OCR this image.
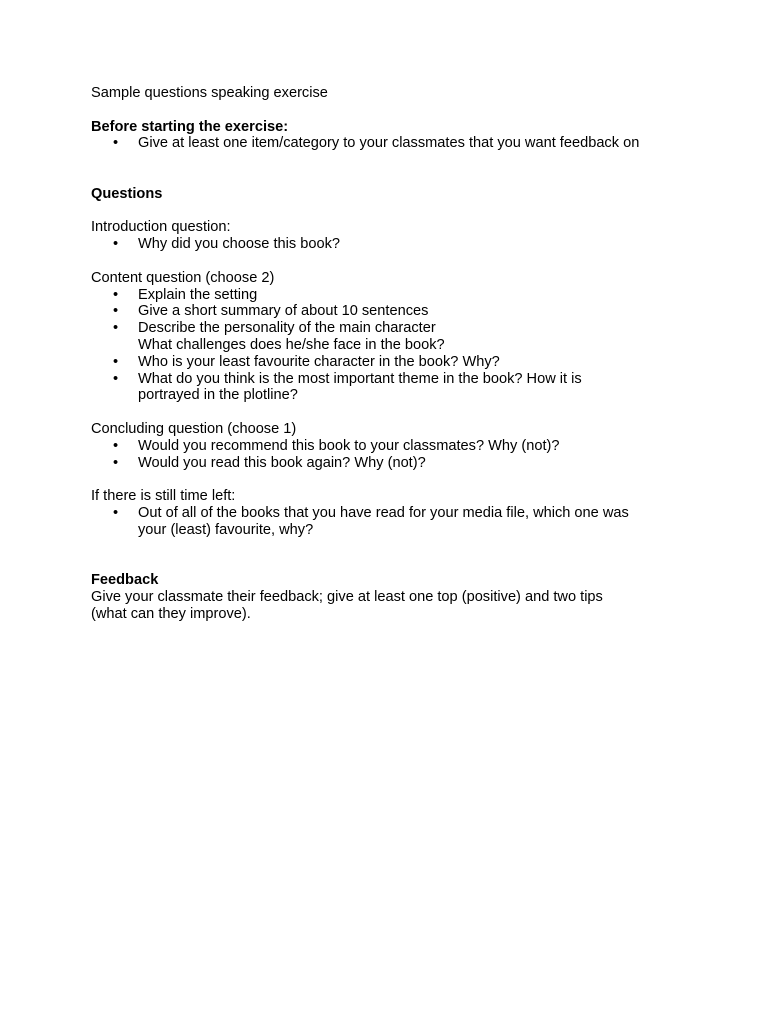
Sample questions speaking exercise

Before starting the exercise:

• Give at least one item/category to your classmates that you want feedback on

Questions

Introduction question:

• Why did you choose this book?

Content question (choose 2)

• Explain the setting
• Give a short summary of about 10 sentences
• Describe the personality of the main character
What challenges does he/she face in the book?
• Who is your least favourite character in the book? Why?
• What do you think is the most important theme in the book? How it is
portrayed in the plotline?

Concluding question (choose 1)

• Would you recommend this book to your classmates? Why (not)?
• Would you read this book again? Why (not)?

If there is still time left:

• Out of all of the books that you have read for your media file, which one was
your (least) favourite, why?

Feedback

Give your classmate their feedback; give at least one top (positive) and two tips

(what can they improve).
